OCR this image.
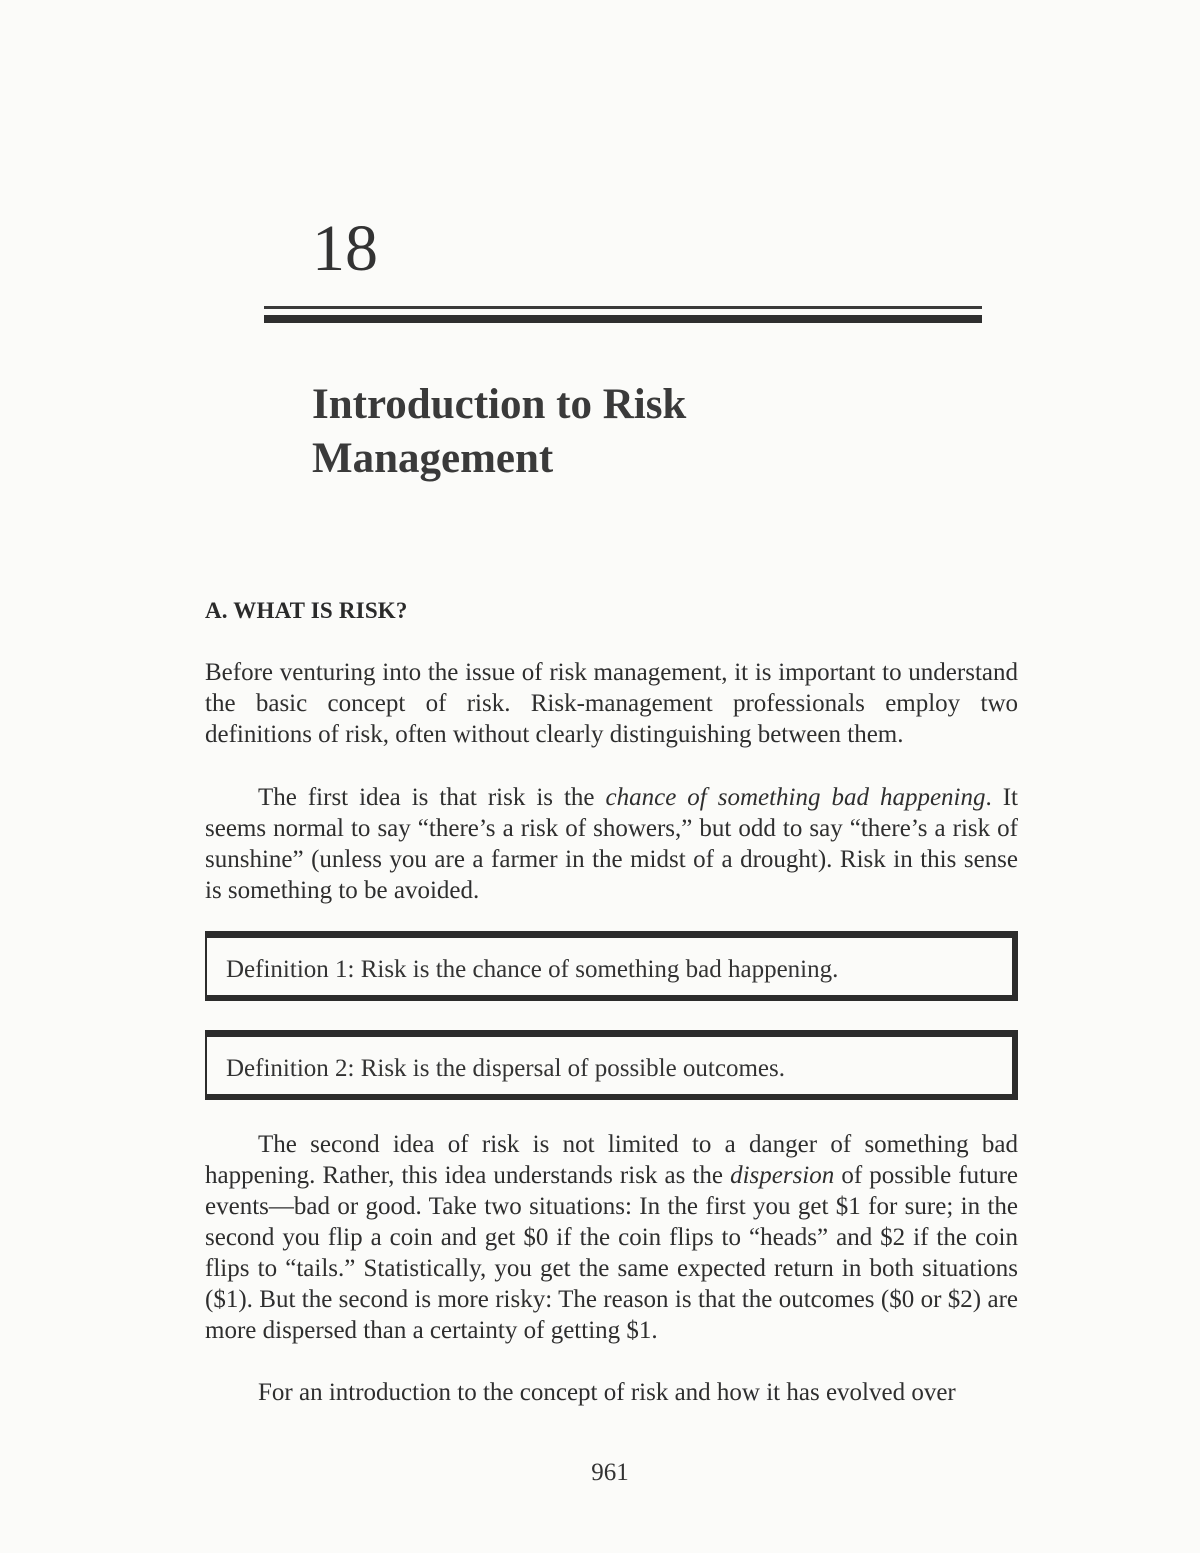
18
Introduction to Risk Management
A. WHAT IS RISK?

Before venturing into the issue of risk management, it is important to understand the basic concept of risk. Risk-management professionals employ two definitions of risk, often without clearly distinguishing between them.

The first idea is that risk is the chance of something bad happening. It seems normal to say “there’s a risk of showers,” but odd to say “there’s a risk of sunshine” (unless you are a farmer in the midst of a drought). Risk in this sense is something to be avoided.

Definition 1: Risk is the chance of something bad happening.
Definition 2: Risk is the dispersal of possible outcomes.

The second idea of risk is not limited to a danger of something bad happening. Rather, this idea understands risk as the dispersion of possible future events—bad or good. Take two situations: In the first you get $1 for sure; in the second you flip a coin and get $0 if the coin flips to “heads” and $2 if the coin flips to “tails.” Statistically, you get the same expected return in both situations ($1). But the second is more risky: The reason is that the outcomes ($0 or $2) are more dispersed than a certainty of getting $1.

For an introduction to the concept of risk and how it has evolved over

961
